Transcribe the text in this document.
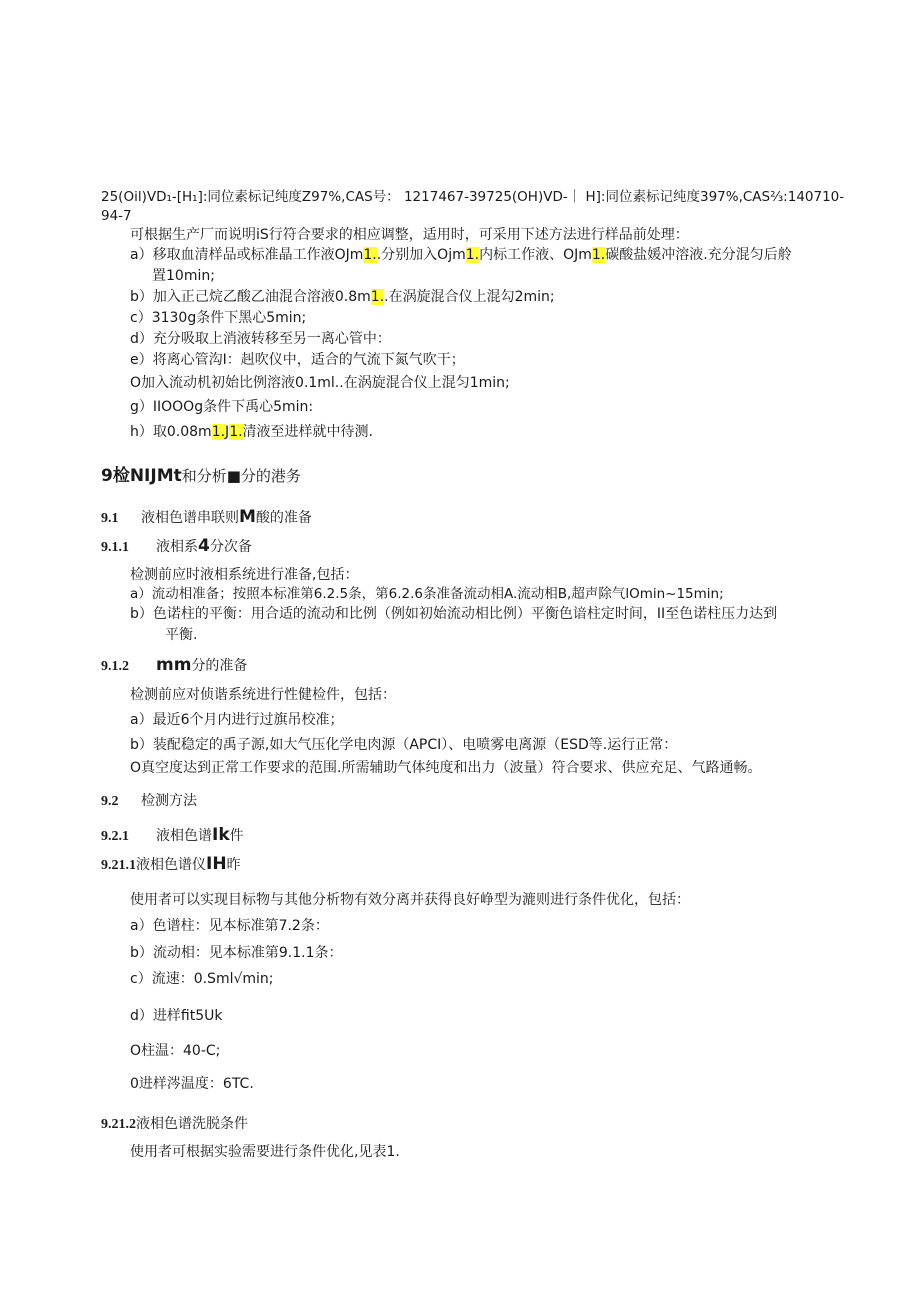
25(Oil)VD₁-[H₁]:同位素标记纯度Z97%,CAS号： 1217467-39725(OH)VD-｜ H]:同位素标记纯度397%,CAS⅔:140710-
94-7
可根据生产厂而说明iS行符合要求的相应调整，适用时，可采用下述方法进行样品前处理：
a）移取血清样品或标准晶工作液OJm1..分别加入Ojm1.内标工作液、OJm1.碳酸盐媛冲溶液.充分混匀后舲
置10min;
b）加入正己烷乙酸乙油混合溶液0.8m1..在涡旋混合仪上混勾2min;
c）3130g条件下黑心5min;
d）充分吸取上消液转移至另一离心管中：
e）将离心管沟I：赳吹仪中，适合的气流下氮气吹干；
O加入流动机初始比例溶液0.1ml..在涡旋混合仪上混匀1min;
g）IIOOOg条件下禹心5min:
h）取0.08m1.J1.清液至进样就中待测.
9检NIJMt和分析■分的港务
9.1 液相色谱串联则M酸的准备
9.1.1 液相系4分次备
检测前应时液相系统进行准备,包括：
a）流动相准备；按照本标准第6.2.5条，第6.2.6条准备流动相A.流动相B,超声除气lOmin~15min;
b）色诺柱的平衡：用合适的流动和比例（例如初始流动相比例）平衡色谙柱定时间，II至色诺柱压力达到
平衡.
9.1.2 mm分的准备
检测前应对侦谐系统进行性健检件，包括：
a）最近6个月内进行过旗吊校准；
b）装配稳定的禹子源,如大气压化学电肉源（APCI）、电喷雾电离源（ESD等.运行正常：
O真空度达到正常工作要求的范围.所需辅助气体纯度和出力（波量）符合要求、供应充足、气路通畅。
9.2 检测方法
9.2.1 液相色谱Ik件
9.21.1液相色谱仪IH昨
使用者可以实现目标物与其他分析物有效分离并获得良好峥型为漉则进行条件优化，包括：
a）色谱柱：见本标准第7.2条：
b）流动相：见本标准第9.1.1条：
c）流速：0.Sml√min;
d）进样fit5Uk
O柱温：40-C;
0进样涔温度：6TC.
9.21.2液相色谱洗脱条件
使用者可根据实验需要进行条件优化,见表1.
